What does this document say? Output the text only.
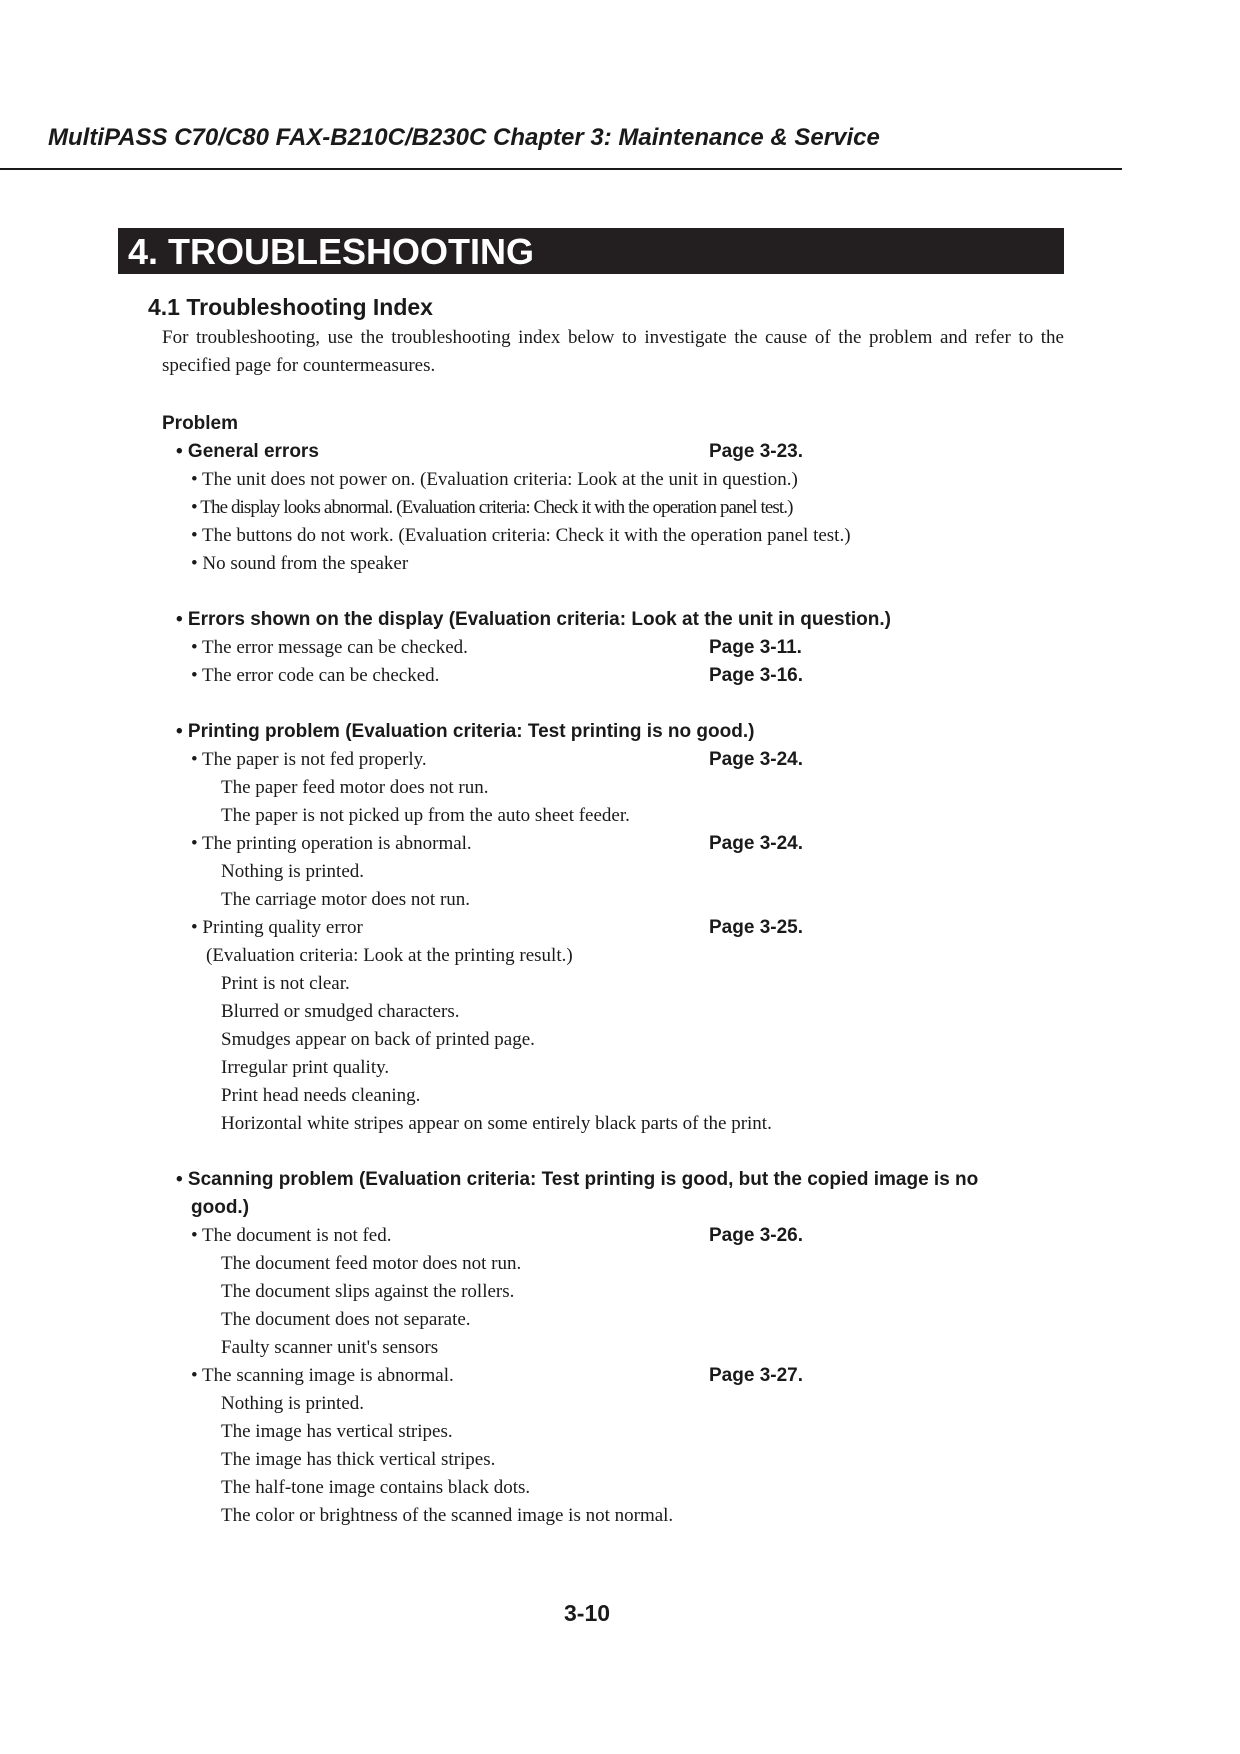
MultiPASS C70/C80 FAX-B210C/B230C Chapter 3: Maintenance & Service
4. TROUBLESHOOTING
4.1 Troubleshooting Index
For troubleshooting, use the troubleshooting index below to investigate the cause of the problem and refer to the specified page for countermeasures.
Problem
• General errors	Page 3-23.
• The unit does not power on. (Evaluation criteria: Look at the unit in question.)
• The display looks abnormal. (Evaluation criteria: Check it with the operation panel test.)
• The buttons do not work. (Evaluation criteria: Check it with the operation panel test.)
• No sound from the speaker
• Errors shown on the display (Evaluation criteria: Look at the unit in question.)
• The error message can be checked.	Page 3-11.
• The error code can be checked.	Page 3-16.
• Printing problem (Evaluation criteria: Test printing is no good.)
• The paper is not fed properly.	Page 3-24.
The paper feed motor does not run.
The paper is not picked up from the auto sheet feeder.
• The printing operation is abnormal.	Page 3-24.
Nothing is printed.
The carriage motor does not run.
• Printing quality error	Page 3-25.
(Evaluation criteria: Look at the printing result.)
Print is not clear.
Blurred or smudged characters.
Smudges appear on back of printed page.
Irregular print quality.
Print head needs cleaning.
Horizontal white stripes appear on some entirely black parts of the print.
• Scanning problem (Evaluation criteria: Test printing is good, but the copied image is no
good.)
• The document is not fed.	Page 3-26.
The document feed motor does not run.
The document slips against the rollers.
The document does not separate.
Faulty scanner unit's sensors
• The scanning image is abnormal.	Page 3-27.
Nothing is printed.
The image has vertical stripes.
The image has thick vertical stripes.
The half-tone image contains black dots.
The color or brightness of the scanned image is not normal.
3-10
